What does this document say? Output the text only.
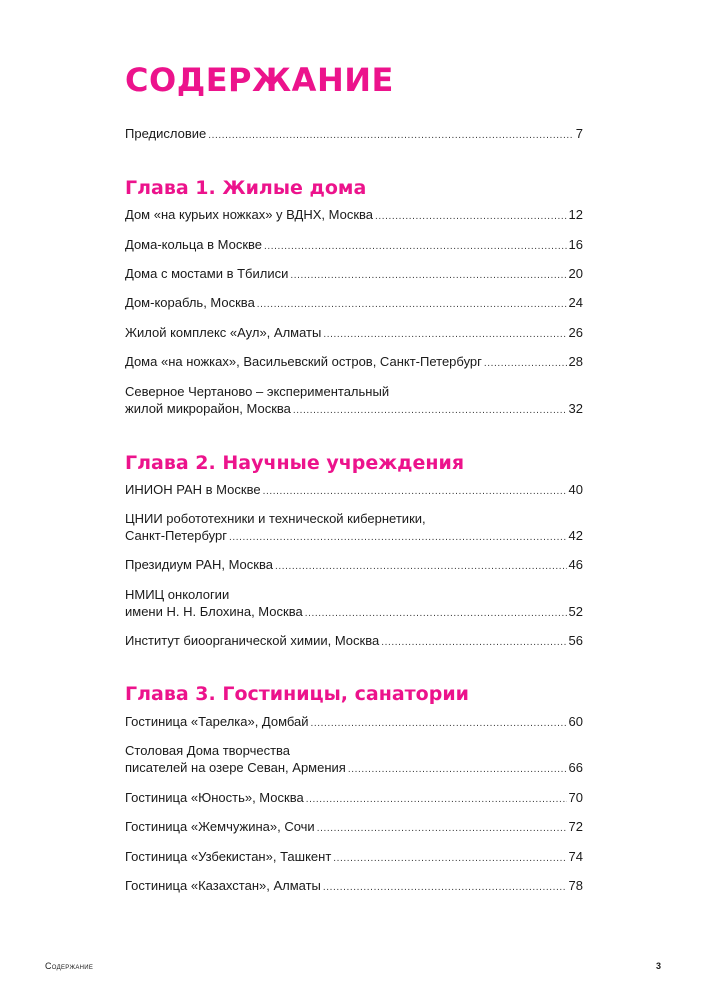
СОДЕРЖАНИЕ
Предисловие .....	7
Глава 1. Жилые дома
Дом «на курьих ножках» у ВДНХ, Москва .....	12
Дома-кольца в Москве .....	16
Дома с мостами в Тбилиси .....	20
Дом-корабль, Москва .....	24
Жилой комплекс «Аул», Алматы .....	26
Дома «на ножках», Васильевский остров, Санкт-Петербург .....	28
Северное Чертаново – экспериментальный
жилой микрорайон, Москва .....	32
Глава 2. Научные учреждения
ИНИОН РАН в Москве .....	40
ЦНИИ робототехники и технической кибернетики,
Санкт-Петербург .....	42
Президиум РАН, Москва .....	46
НМИЦ онкологии
имени Н. Н. Блохина, Москва .....	52
Институт биоорганической химии, Москва .....	56
Глава 3. Гостиницы, санатории
Гостиница «Тарелка», Домбай .....	60
Столовая Дома творчества
писателей на озере Севан, Армения .....	66
Гостиница «Юность», Москва .....	70
Гостиница «Жемчужина», Сочи .....	72
Гостиница «Узбекистан», Ташкент .....	74
Гостиница «Казахстан», Алматы .....	78
Содержание	3
